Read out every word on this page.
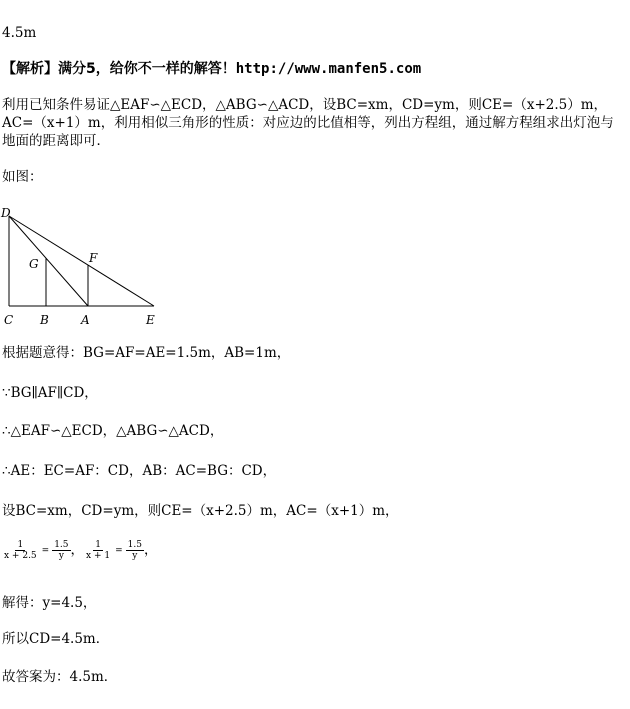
4.5m
【解析】满分5，给你不一样的解答！http://www.manfen5.com
利用已知条件易证△EAF∽△ECD，△ABG∽△ACD，设BC=xm，CD=ym，则CE=（x+2.5）m，AC=（x+1）m，利用相似三角形的性质：对应边的比值相等，列出方程组，通过解方程组求出灯泡与地面的距离即可．
如图：
D
G	F
C B	A	E
根据题意得：BG=AF=AE=1.5m，AB=1m，
∵BG∥AF∥CD，
∴△EAF∽△ECD，△ABG∽△ACD，
∴AE：EC=AF：CD，AB：AC=BG：CD，
设BC=xm，CD=ym，则CE=（x+2.5）m，AC=（x+1）m，
$\frac{1}{x + 2.5} = \frac{1.5}{y}$ ， $\frac{1}{x + 1} = \frac{1.5}{y}$ ，
解得：y=4.5，
所以CD=4.5m．
故答案为：4.5m．
